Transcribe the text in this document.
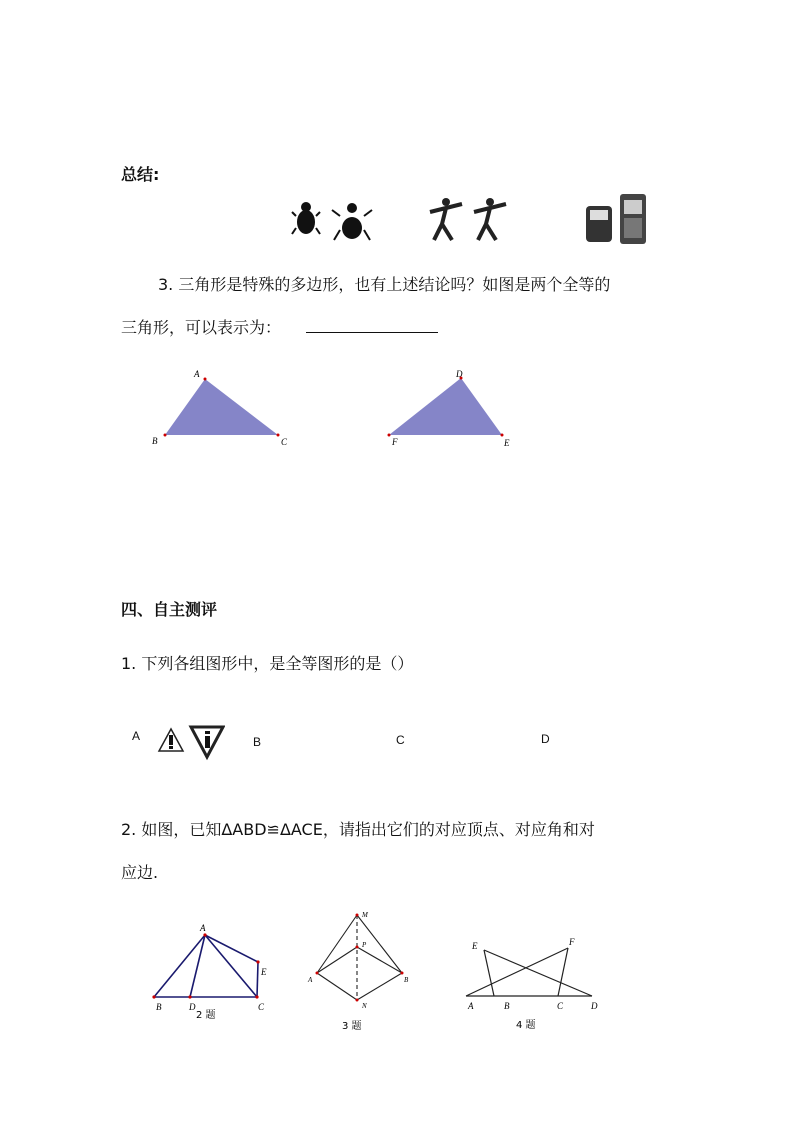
总结:
3. 三角形是特殊的多边形，也有上述结论吗？如图是两个全等的
三角形，可以表示为：
A
B	C
D
F	E
四、自主测评
1. 下列各组图形中，是全等图形的是（）
A	B	C	D
2. 如图，已知ΔABD≌ΔACE，请指出它们的对应顶点、对应角和对
应边.
A
B	D	C
E
2 题
M
P
A	B
N
3 题
E	F
A	B	C	D
4 题
